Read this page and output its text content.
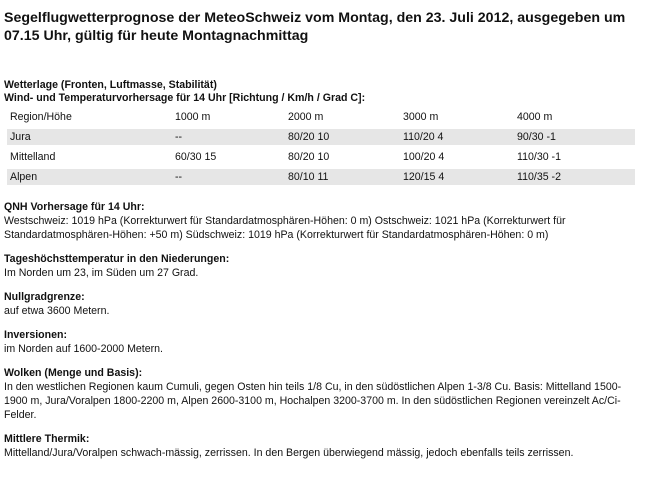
Segelflugwetterprognose der MeteoSchweiz vom Montag, den 23. Juli 2012, ausgegeben um 07.15 Uhr, gültig für heute Montagnachmittag

Wetterlage (Fronten, Luftmasse, Stabilität)

Wind- und Temperaturvorhersage für 14 Uhr [Richtung / Km/h / Grad C]:

Region/Höhe	1000 m	2000 m	3000 m	4000 m
Jura	--	80/20 10	110/20 4	90/30 -1
Mittelland	60/30 15	80/20 10	100/20 4	110/30 -1
Alpen	--	80/10 11	120/15 4	110/35 -2

QNH Vorhersage für 14 Uhr:

Westschweiz: 1019 hPa (Korrekturwert für Standardatmosphären-Höhen: 0 m) Ostschweiz: 1021 hPa (Korrekturwert für Standardatmosphären-Höhen: +50 m) Südschweiz: 1019 hPa (Korrekturwert für Standardatmosphären-Höhen: 0 m)

Tageshöchsttemperatur in den Niederungen:

Im Norden um 23, im Süden um 27 Grad.

Nullgradgrenze:

auf etwa 3600 Metern.

Inversionen:

im Norden auf 1600-2000 Metern.

Wolken (Menge und Basis):

In den westlichen Regionen kaum Cumuli, gegen Osten hin teils 1/8 Cu, in den südöstlichen Alpen 1-3/8 Cu. Basis: Mittelland 1500-1900 m, Jura/Voralpen 1800-2200 m, Alpen 2600-3100 m, Hochalpen 3200-3700 m. In den südöstlichen Regionen vereinzelt Ac/Ci-Felder.

Mittlere Thermik:

Mittelland/Jura/Voralpen schwach-mässig, zerrissen. In den Bergen überwiegend mässig, jedoch ebenfalls teils zerrissen.
